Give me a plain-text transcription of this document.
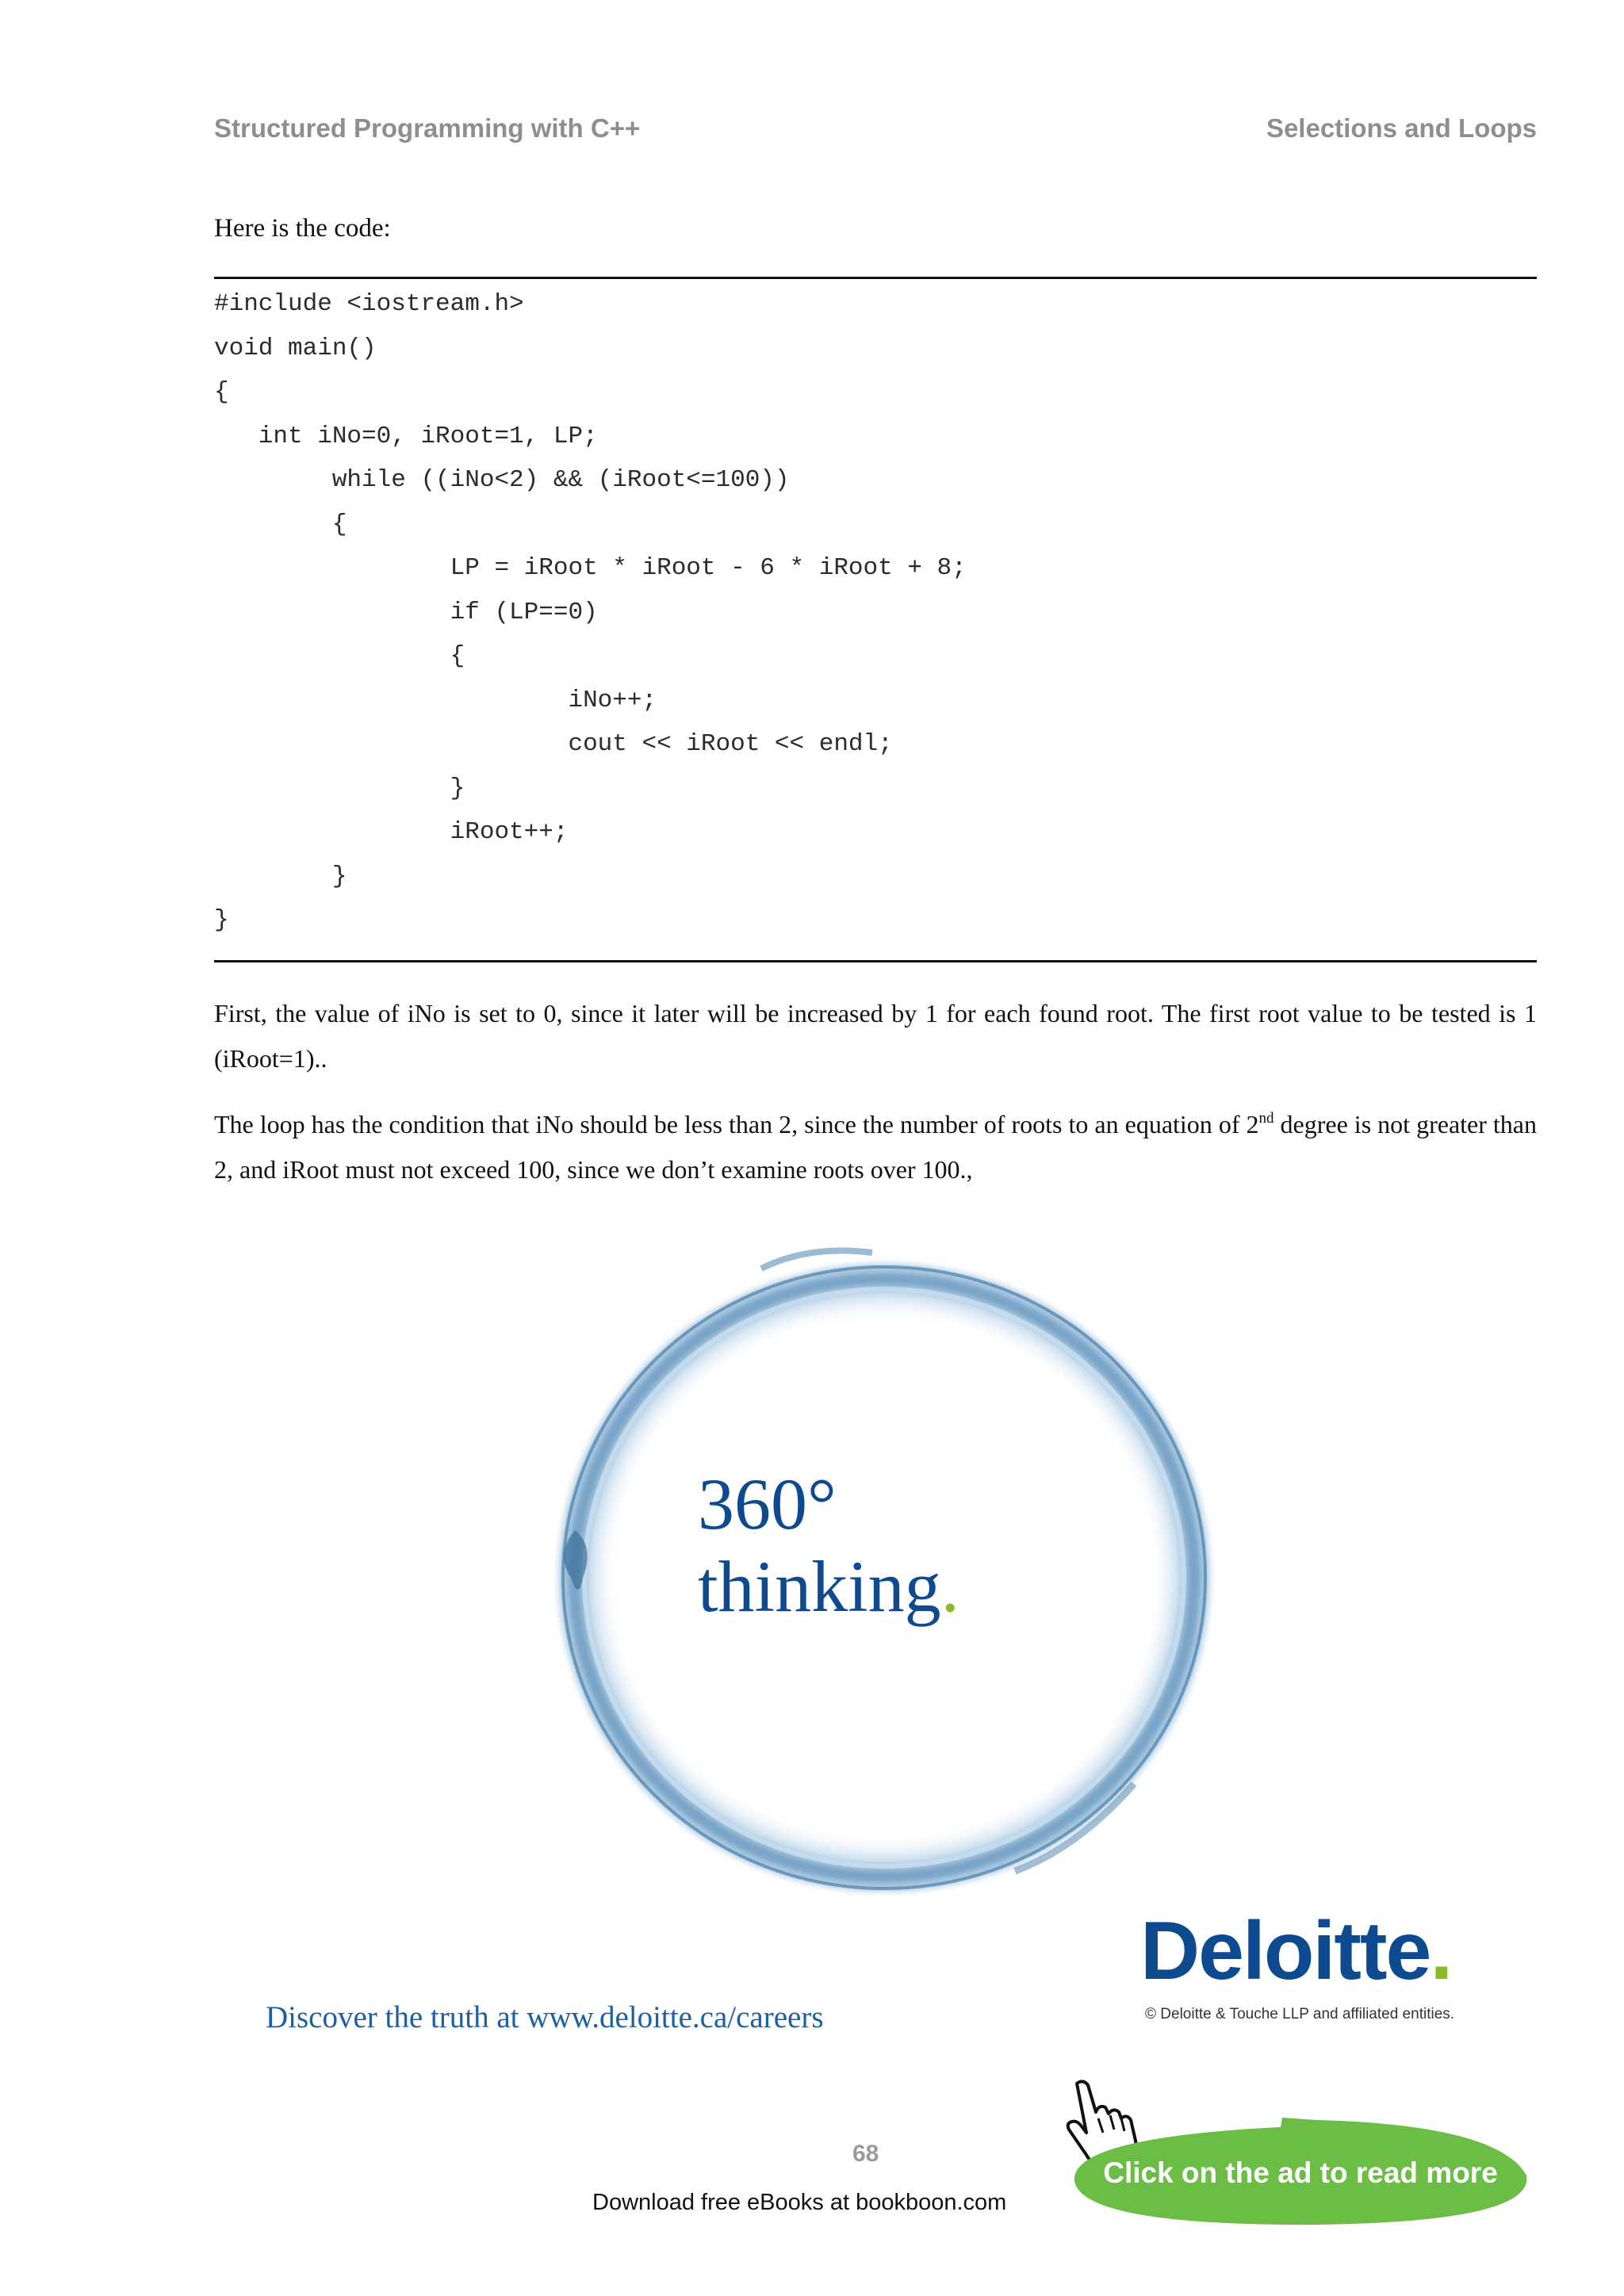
Structured Programming with C++	Selections and Loops
Here is the code:
#include <iostream.h>
void main()
{
int iNo=0, iRoot=1, LP;
while ((iNo<2) && (iRoot<=100))
{
LP = iRoot * iRoot - 6 * iRoot + 8;
if (LP==0)
{
iNo++;
cout << iRoot << endl;
}
iRoot++;
}
}
First, the value of iNo is set to 0, since it later will be increased by 1 for each found root. The first root value to be tested is 1 (iRoot=1)..
The loop has the condition that iNo should be less than 2, since the number of roots to an equation of 2nd degree is not greater than 2, and iRoot must not exceed 100, since we don’t examine roots over 100.,
360°
thinking.
Deloitte.
© Deloitte & Touche LLP and affiliated entities.
Discover the truth at www.deloitte.ca/careers
Click on the ad to read more
68
Download free eBooks at bookboon.com
